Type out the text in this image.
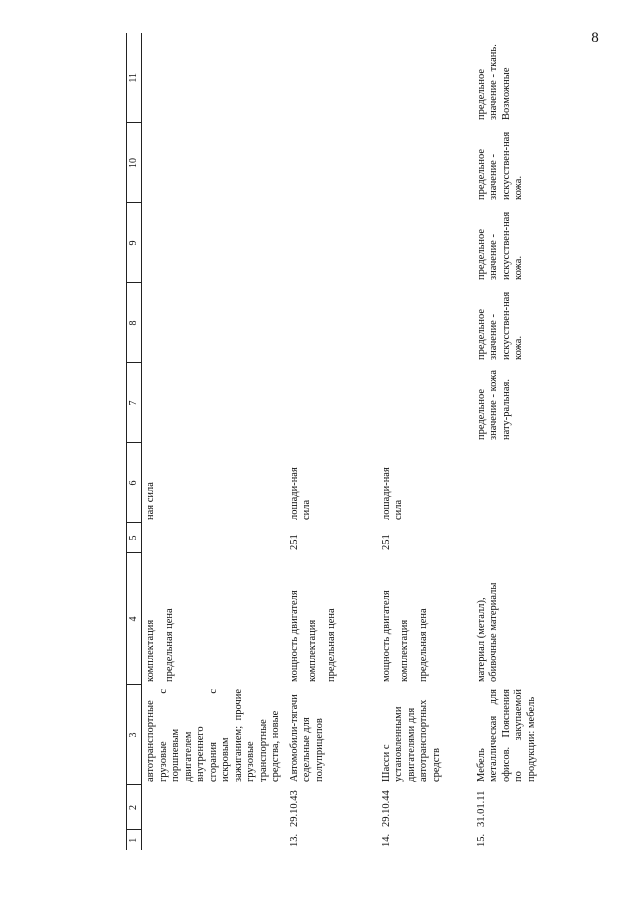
8
1	2	3	4	5	6	7	8	9	10	11
		автотранспортные грузовые с поршневым двигателем внутреннего сгорания с искровым зажиганием; прочие грузовые транспортные средства, новые	комплектация предельная цена		нaя сила					
13.	29.10.43	Автомобили-тягачи седельные для полуприцепов	мощность двигателя комплектация предельная цена	251	лошади-ная сила					
14.	29.10.44	Шасси с установленными двигателями для автотранспортных средств	мощность двигателя комплектация предельная цена	251	лошади-ная сила					
15.	31.01.11	Мебель металлическая для офисов. Пояснения по закупаемой продукции: мебель	материал (металл), обивочные материалы			предельное значение - кожа нату-ральная.	предельное значение - искусствен-ная кожа.	предельное значение - искусствен-ная кожа.	предельное значение - искусствен-ная кожа.	предельное значение - ткань. Возможные
